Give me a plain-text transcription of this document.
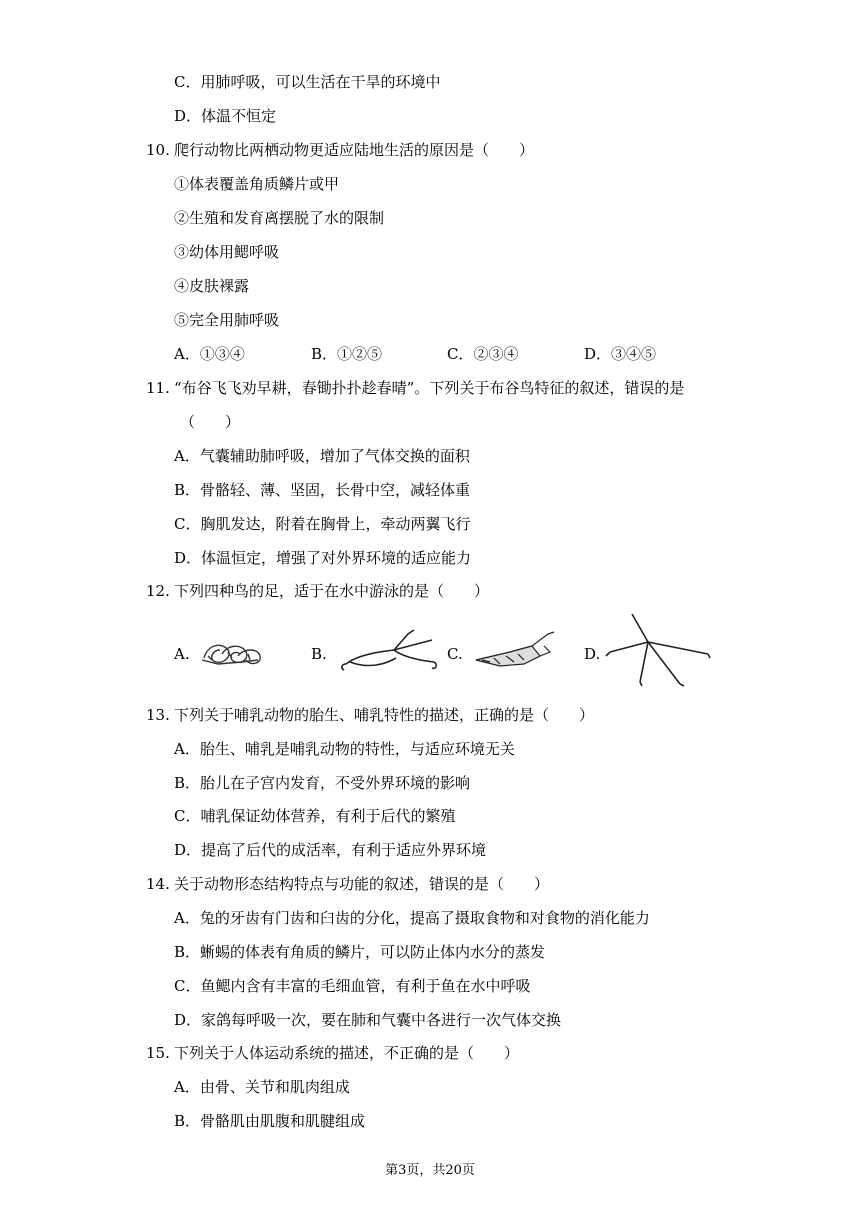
C．用肺呼吸，可以生活在干旱的环境中
D．体温不恒定
10. 爬行动物比两栖动物更适应陆地生活的原因是（　　）
①体表覆盖角质鳞片或甲
②生殖和发育离摆脱了水的限制
③幼体用鳃呼吸
④皮肤裸露
⑤完全用肺呼吸
A．①③④	B．①②⑤	C．②③④	D．③④⑤
11. “布谷飞飞劝早耕，春锄扑扑趁春晴”。下列关于布谷鸟特征的叙述，错误的是
（　　）
A．气囊辅助肺呼吸，增加了气体交换的面积
B．骨骼轻、薄、坚固，长骨中空，减轻体重
C．胸肌发达，附着在胸骨上，牵动两翼飞行
D．体温恒定，增强了对外界环境的适应能力
12. 下列四种鸟的足，适于在水中游泳的是（　　）
A.	B.	C.	D.
13. 下列关于哺乳动物的胎生、哺乳特性的描述，正确的是（　　）
A．胎生、哺乳是哺乳动物的特性，与适应环境无关
B．胎儿在子宫内发育，不受外界环境的影响
C．哺乳保证幼体营养，有利于后代的繁殖
D．提高了后代的成活率，有利于适应外界环境
14. 关于动物形态结构特点与功能的叙述，错误的是（　　）
A．兔的牙齿有门齿和臼齿的分化，提高了摄取食物和对食物的消化能力
B．蜥蜴的体表有角质的鳞片，可以防止体内水分的蒸发
C．鱼鳃内含有丰富的毛细血管，有利于鱼在水中呼吸
D．家鸽每呼吸一次，要在肺和气囊中各进行一次气体交换
15. 下列关于人体运动系统的描述，不正确的是（　　）
A．由骨、关节和肌肉组成
B．骨骼肌由肌腹和肌腱组成
第3页，共20页
